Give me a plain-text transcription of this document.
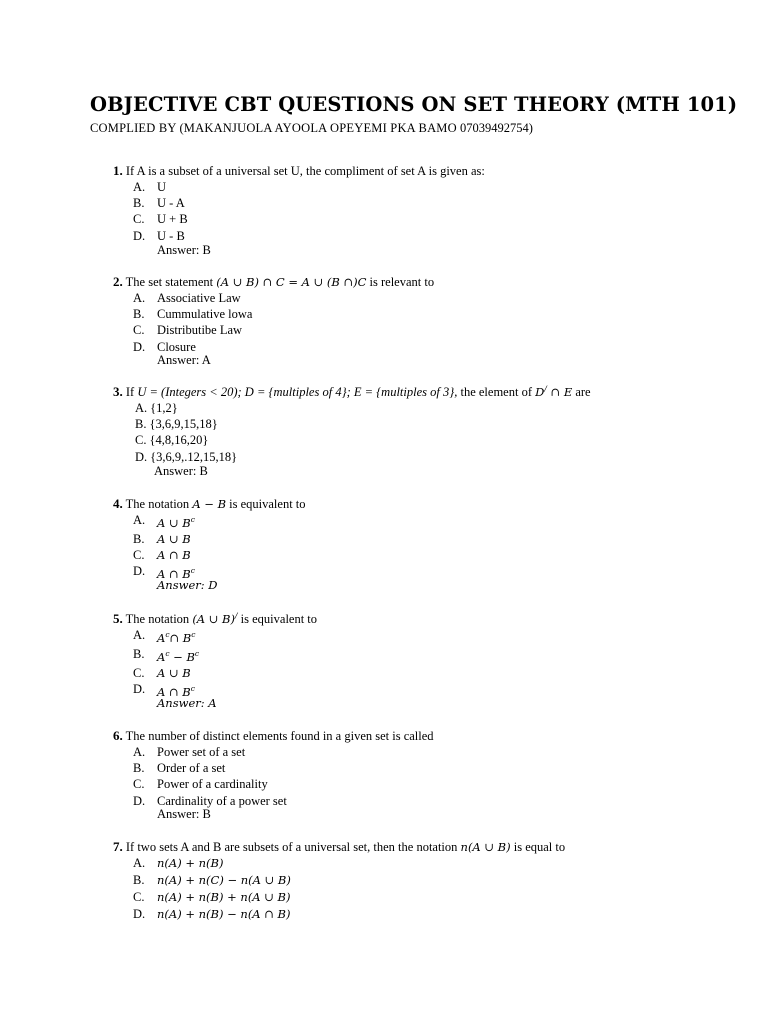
OBJECTIVE CBT QUESTIONS ON SET THEORY (MTH 101)
COMPLIED BY (MAKANJUOLA AYOOLA OPEYEMI PKA BAMO 07039492754)
1. If A is a subset of a universal set U, the compliment of set A is given as:
A. U
B.	U - A
C.	U + B
D. U - B
Answer: B
2. The set statement (A ∪ B) ∩ C = A ∪ (B ∩)C is relevant to
A. Associative Law
B.	Cummulative lowa
C.	Distributibe Law
D. Closure
Answer: A
3. If U = (Integers < 20); D = {multiples of 4}; E = {multiples of 3}, the element of D/ ∩ E are
A. {1,2}
B. {3,6,9,15,18}
C. {4,8,16,20}
D. {3,6,9,.12,15,18}
Answer: B
4. The notation A − B is equivalent to
A.	A ∪ $B^c$
B.	A ∪ B
C.	A ∩ B
D.	A ∩ $B^c$
Answer: D
5. The notation (A ∪ B)/ is equivalent to
A.	$A^c\cap$ $B^c$
B.	$A^c - B^c$
C.	A ∪ B
D.	A ∩ $B^c$
Answer: A
6. The number of distinct elements found in a given set is called
A. Power set of a set
B.	Order of a set
C.	Power of a cardinality
D. Cardinality of a power set
Answer: B
7. If two sets A and B are subsets of a universal set, then the notation n(A ∪ B) is equal to
A.	n(A) + n(B)
B.	n(A) + n(C) − n(A ∪ B)
C.	n(A) + n(B) + n(A ∪ B)
D.	n(A) + n(B) − n(A ∩ B)
